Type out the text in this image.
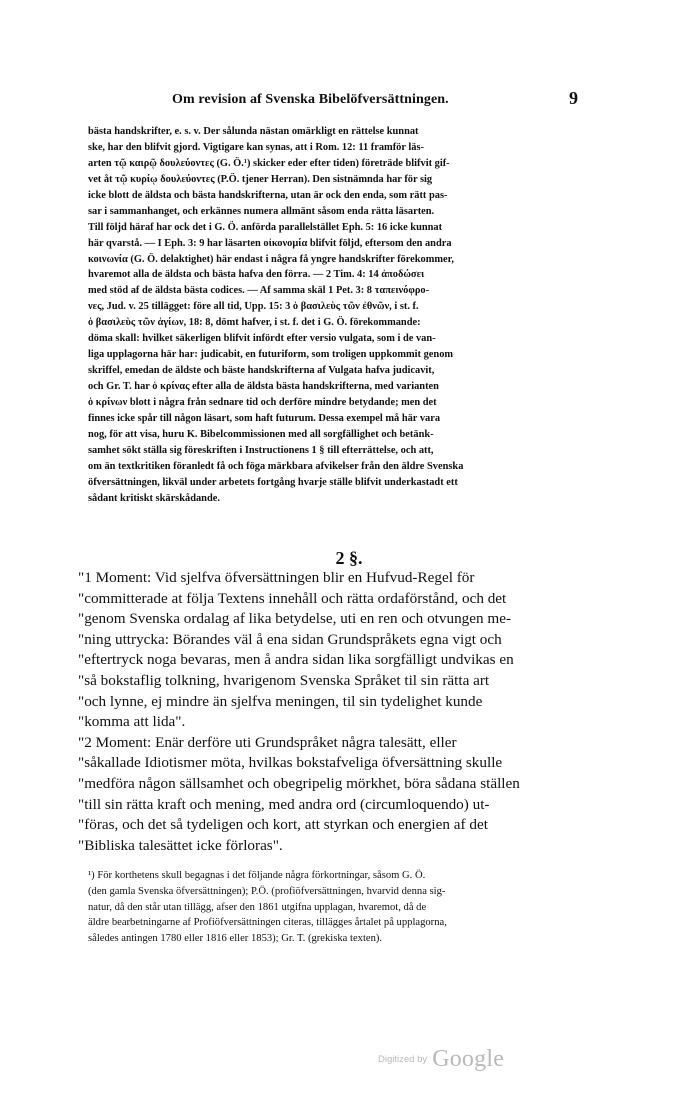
Om revision af Svenska Bibelöfversättningen.	9
bästa handskrifter, e. s. v. Der sålunda nästan omärkligt en rättelse kunnat
ske, har den blifvit gjord. Vigtigare kan synas, att i Rom. 12: 11 framför läs-
arten τῷ καιρῷ δουλεύοντες (G. Ö.¹) skicker eder efter tiden) företräde blifvit gif-
vet åt τῷ κυρίῳ δουλεύοντες (P.Ö. tjener Herran). Den sistnämnda har för sig
icke blott de äldsta och bästa handskrifterna, utan är ock den enda, som rätt pas-
sar i sammanhanget, och erkännes numera allmänt såsom enda rätta läsarten.
Till följd häraf har ock det i G. Ö. anförda parallelstället Eph. 5: 16 icke kunnat
här qvarstå. — I Eph. 3: 9 har läsarten οἰκονομία blifvit följd, eftersom den andra
κοινωνία (G. Ö. delaktighet) här endast i några få yngre handskrifter förekommer,
hvaremot alla de äldsta och bästa hafva den förra. — 2 Tim. 4: 14 ἀποδώσει
med stöd af de äldsta bästa codices. — Af samma skäl 1 Pet. 3: 8 ταπεινόφρο-
νες, Jud. v. 25 tillägget: före all tid, Upp. 15: 3 ὁ βασιλεὺς τῶν ἐθνῶν, i st. f.
ὁ βασιλεὺς τῶν ἁγίων, 18: 8, dömt hafver, i st. f. det i G. Ö. förekommande:
döma skall: hvilket säkerligen blifvit infördt efter versio vulgata, som i de van-
liga upplagorna här har: judicabit, en futuriform, som troligen uppkommit genom
skriffel, emedan de äldste och bäste handskrifterna af Vulgata hafva judicavit,
och Gr. T. har ὁ κρίνας efter alla de äldsta bästa handskrifterna, med varianten
ὁ κρίνων blott i några från sednare tid och derföre mindre betydande; men det
finnes icke spår till någon läsart, som haft futurum. Dessa exempel må här vara
nog, för att visa, huru K. Bibelcommissionen med all sorgfällighet och betänk-
samhet sökt ställa sig föreskriften i Instructionens 1 § till efterrättelse, och att,
om än textkritiken föranledt få och föga märkbara afvikelser från den äldre Svenska
öfversättningen, likväl under arbetets fortgång hvarje ställe blifvit underkastadt ett
sådant kritiskt skärskådande.
2 §.
"1 Moment: Vid sjelfva öfversättningen blir en Hufvud-Regel för
"committerade at följa Textens innehåll och rätta ordaförstånd, och det
"genom Svenska ordalag af lika betydelse, uti en ren och otvungen me-
"ning uttrycka: Börandes väl å ena sidan Grundspråkets egna vigt och
"eftertryck noga bevaras, men å andra sidan lika sorgfälligt undvikas en
"så bokstaflig tolkning, hvarigenom Svenska Språket til sin rätta art
"och lynne, ej mindre än sjelfva meningen, til sin tydelighet kunde
"komma att lida".
"2 Moment: Enär derföre uti Grundspråket några talesätt, eller
"såkallade Idiotismer möta, hvilkas bokstafveliga öfversättning skulle
"medföra någon sällsamhet och obegripelig mörkhet, böra sådana ställen
"till sin rätta kraft och mening, med andra ord (circumloquendo) ut-
"föras, och det så tydeligen och kort, att styrkan och energien af det
"Bibliska talesättet icke förloras".
¹) För korthetens skull begagnas i det följande några förkortningar, såsom G. Ö.
(den gamla Svenska öfversättningen); P.Ö. (profiöfversättningen, hvarvid denna sig-
natur, då den står utan tillägg, afser den 1861 utgifna upplagan, hvaremot, då de
äldre bearbetningarne af Profiöfversättningen citeras, tillägges årtalet på upplagorna,
således antingen 1780 eller 1816 eller 1853); Gr. T. (grekiska texten).
Digitized by Google
